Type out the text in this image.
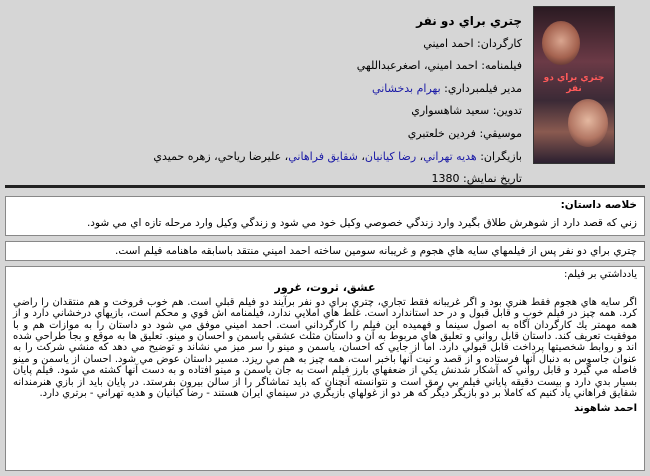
چتري براي دو نفر
چتري براي دو نفر
كارگردان: احمد اميني
فيلمنامه: احمد اميني، اصغرعبداللهي
مدير فيلمبرداري: بهرام بدخشاني
تدوين: سعيد شاهسواري
موسيقي: فردين خلعتبري
بازيگران: هديه تهراني، رضا كيانيان، شقايق فراهاني، عليرضا رياحي، زهره حميدي
تاريخ نمايش: 1380
خلاصه داستان:
زني كه قصد دارد از شوهرش طلاق بگيرد وارد زندگي خصوصي وكيل خود مي شود و زندگي وكيل وارد مرحله تازه اي مي شود.
چتري براي دو نفر پس از فيلمهاي سايه هاي هجوم و غريبانه سومين ساخته احمد اميني منتقد باسابقه ماهنامه فيلم است.
يادداشتي بر فيلم:
عشق، ثروت، غرور
اگر سايه هاي هجوم فقط هنري بود و اگر غريبانه فقط تجاري، چتري براي دو نفر برآيند دو فيلم قبلي است. هم خوب فروخت و هم منتقدان را راضي كرد. همه چيز در فيلم خوب و قابل قبول و در حد استاندارد است. غلط هاي املايي ندارد، فيلمنامه اش قوي و محكم است، بازيهاي درخشاني دارد و از همه مهمتر يك كارگردان آگاه به اصول سينما و فهميده اين فيلم را كارگرداني است. احمد اميني موفق مي شود دو داستان را به موازات هم و با موفقيت تعريف كند. داستان قابل رواني و تعليق هاي مربوط به آن و داستان مثلث عشقي ياسمن و احسان و مينو. تعليق ها به موقع و بجا طراحي شده اند و روابط شخصيتها پرداخت قابل قبولي دارد. اما از جايي كه احسان، ياسمن و مينو را سر ميز مي نشاند و توضيح مي دهد كه منشي شركت را به عنوان جاسوس به دنبال آنها فرستاده و از قصد و نيت آنها باخبر است، همه چيز به هم مي ريزد. مسير داستان عوض مي شود. احسان از ياسمن و مينو فاصله مي گيرد و قابل رواني كه آشكار شدنش يكي از ضعفهاي بارز فيلم است به جان ياسمن و مينو افتاده و به دست آنها كشته مي شود. فيلم پايان بسيار بدي دارد و بيست دقيقه پاياني فيلم بي رمق است و نتوانسته آنچنان كه بايد تماشاگر را از سالن بيرون بفرستد. در پايان بايد از بازي هنرمندانه شقايق فراهاني ياد كنيم كه كاملا بر دو بازيگر ديگر كه هر دو از غولهاي بازيگري در سينماي ايران هستند - رضا كيانيان و هديه تهراني - برتري دارد.
احمد شاهوند
